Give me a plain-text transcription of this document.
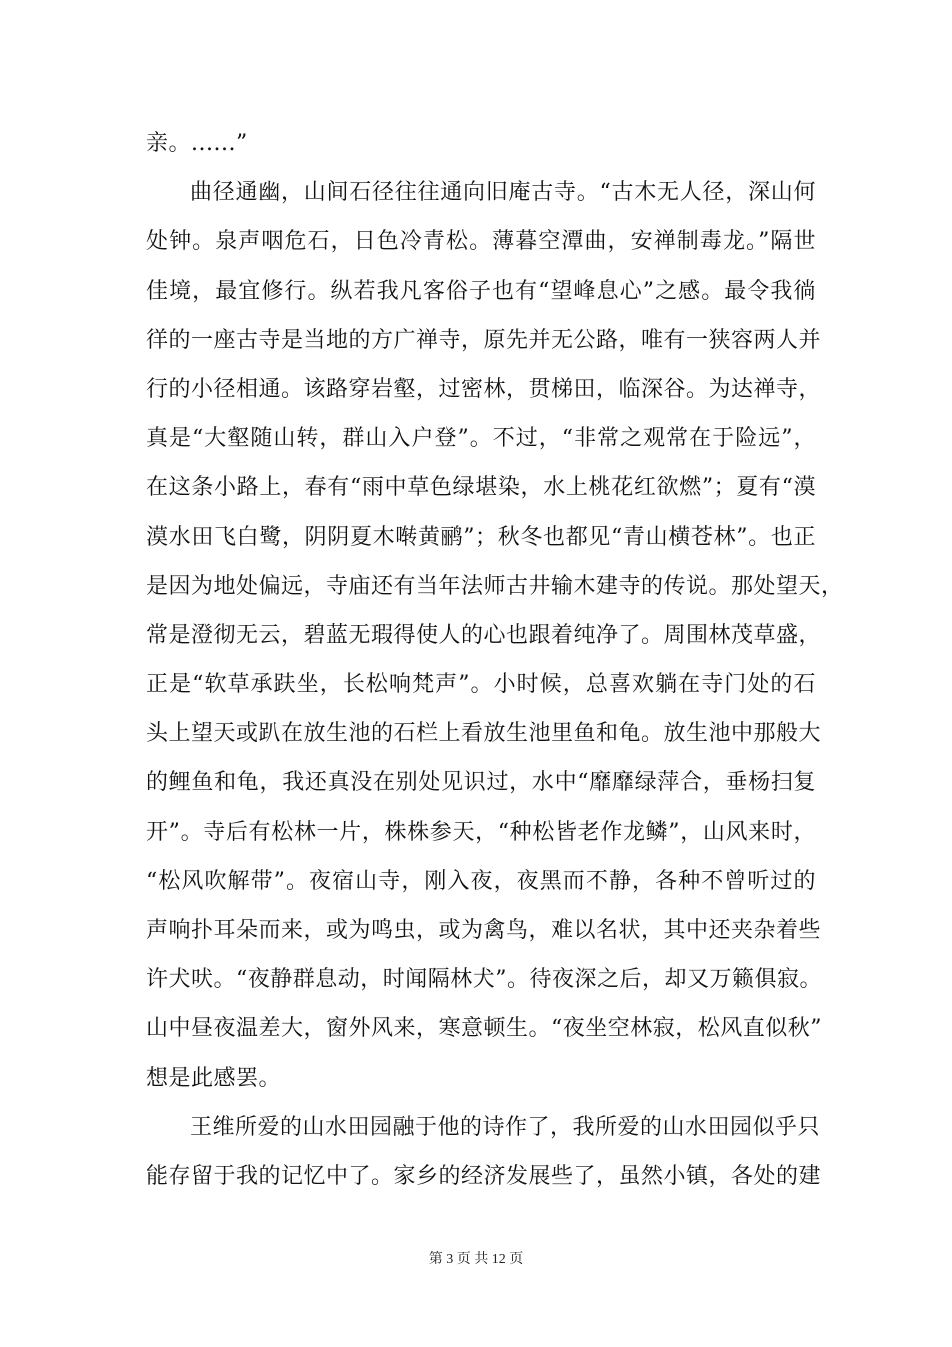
亲。......”
曲径通幽，山间石径往往通向旧庵古寺。“古木无人径，深山何
处钟。泉声咽危石，日色冷青松。薄暮空潭曲，安禅制毒龙。”隔世
佳境，最宜修行。纵若我凡客俗子也有“望峰息心”之感。最令我徜
徉的一座古寺是当地的方广禅寺，原先并无公路，唯有一狭容两人并
行的小径相通。该路穿岩壑，过密林，贯梯田，临深谷。为达禅寺，
真是“大壑随山转，群山入户登”。不过，“非常之观常在于险远”，
在这条小路上，春有“雨中草色绿堪染，水上桃花红欲燃”；夏有“漠
漠水田飞白鹭，阴阴夏木啭黄鹂”；秋冬也都见“青山横苍林”。也正
是因为地处偏远，寺庙还有当年法师古井输木建寺的传说。那处望天，
常是澄彻无云，碧蓝无瑕得使人的心也跟着纯净了。周围林茂草盛，
正是“软草承趺坐，长松响梵声”。小时候，总喜欢躺在寺门处的石
头上望天或趴在放生池的石栏上看放生池里鱼和龟。放生池中那般大
的鲤鱼和龟，我还真没在别处见识过，水中“靡靡绿萍合，垂杨扫复
开”。寺后有松林一片，株株参天，“种松皆老作龙鳞”，山风来时，
“松风吹解带”。夜宿山寺，刚入夜，夜黑而不静，各种不曾听过的
声响扑耳朵而来，或为鸣虫，或为禽鸟，难以名状，其中还夹杂着些
许犬吠。“夜静群息动，时闻隔林犬”。待夜深之后，却又万籁俱寂。
山中昼夜温差大，窗外风来，寒意顿生。“夜坐空林寂，松风直似秋”
想是此感罢。
王维所爱的山水田园融于他的诗作了，我所爱的山水田园似乎只
能存留于我的记忆中了。家乡的经济发展些了，虽然小镇，各处的建
第 3 页 共 12 页
